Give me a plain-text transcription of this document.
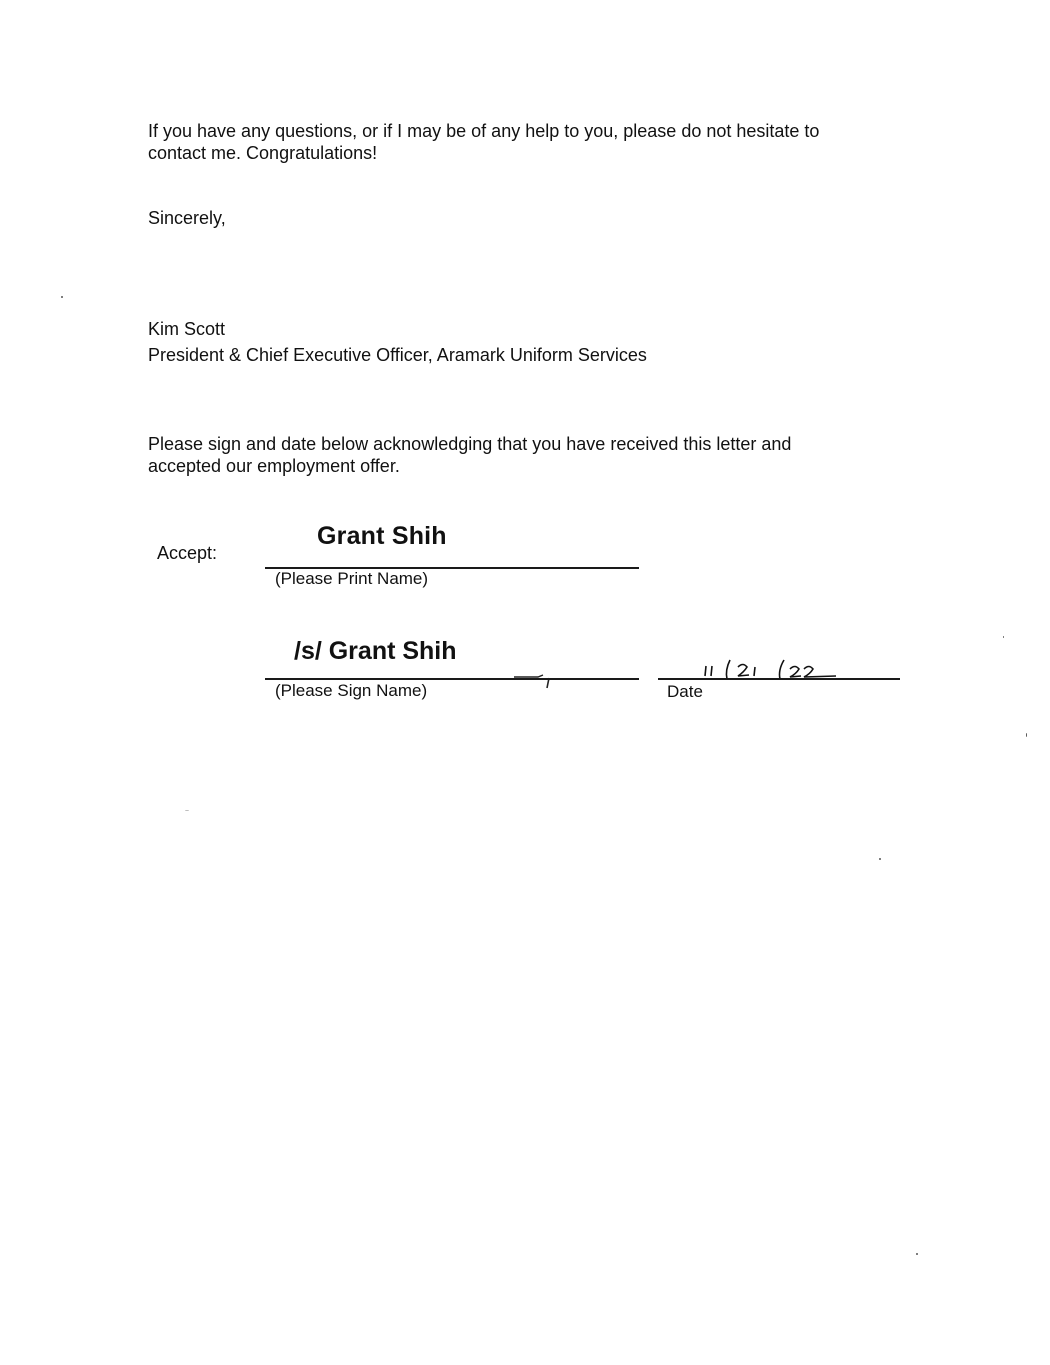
If you have any questions, or if I may be of any help to you, please do not hesitate to
contact me. Congratulations!

Sincerely,

Kim Scott

President & Chief Executive Officer, Aramark Uniform Services

Please sign and date below acknowledging that you have received this letter and
accepted our employment offer.

Accept:
Grant Shih
(Please Print Name)
/s/ Grant Shih
(Please Sign Name)	Date
